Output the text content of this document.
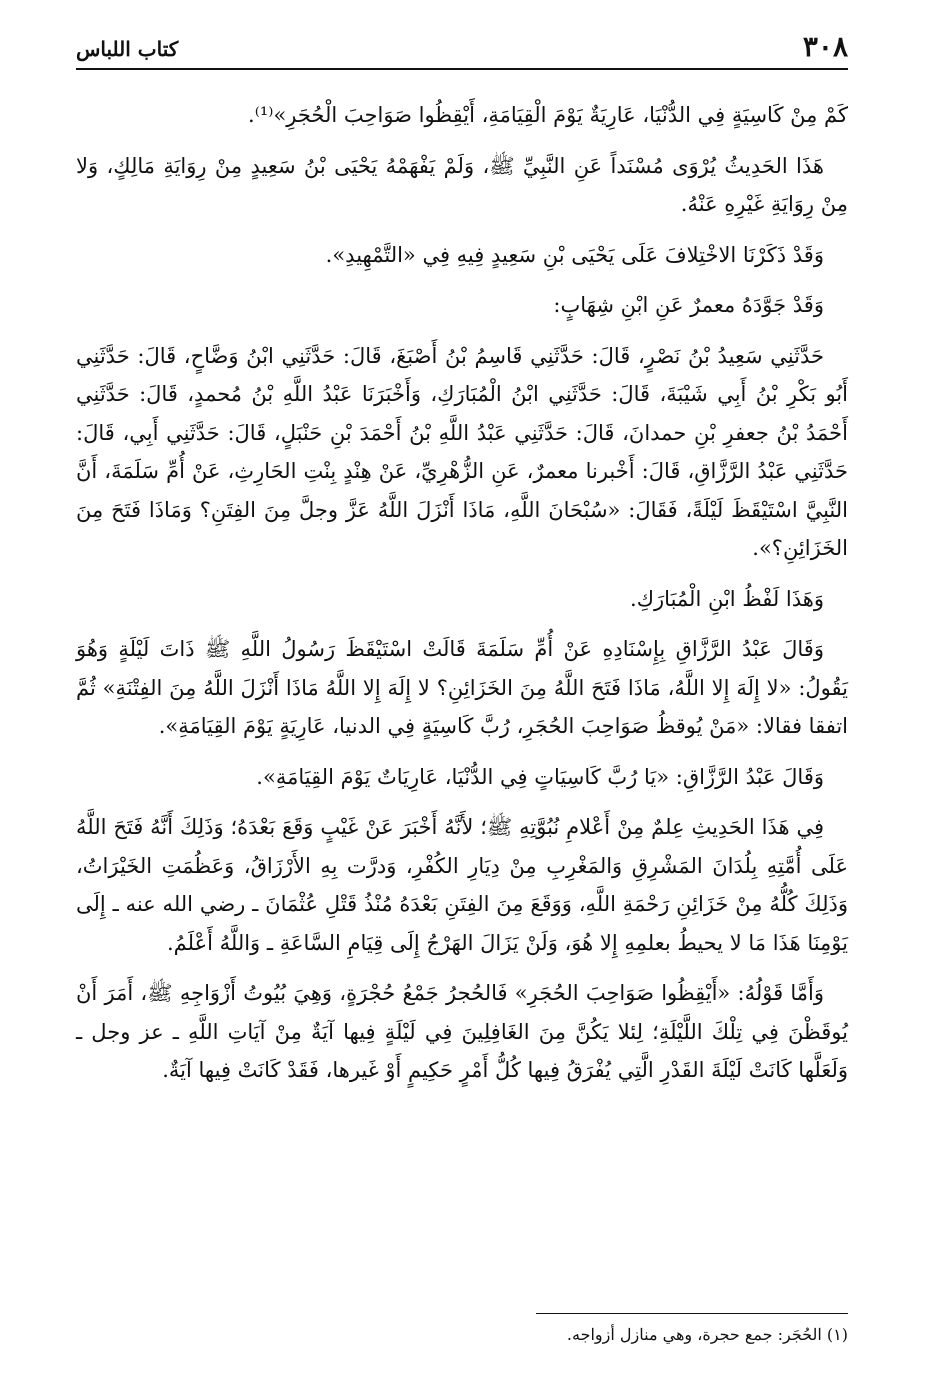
٣٠٨
كتاب اللباس

كَمْ مِنْ كَاسِيَةٍ فِي الدُّنْيَا، عَارِيَةٌ يَوْمَ الْقِيَامَةِ، أَيْقِظُوا صَوَاحِبَ الْحُجَرِ»⁽¹⁾.

هَذَا الحَدِيثُ يُرْوَى مُسْنَداً عَنِ النَّبِيِّ ﷺ، وَلَمْ يَفْهَمْهُ يَحْيَى بْنُ سَعِيدٍ مِنْ رِوَايَةِ مَالِكٍ، وَلا مِنْ رِوَايَةِ غَيْرِهِ عَنْهُ.

وَقَدْ ذَكَرْنَا الاخْتِلافَ عَلَى يَحْيَى بْنِ سَعِيدٍ فِيهِ فِي «التَّمْهِيدِ».

وَقَدْ جَوَّدَهُ معمرٌ عَنِ ابْنِ شِهَابٍ:

حَدَّثَنِي سَعِيدُ بْنُ نَصْرٍ، قَالَ: حَدَّثَنِي قَاسِمُ بْنُ أَصْبَغَ، قَالَ: حَدَّثَنِي ابْنُ وَضَّاحٍ، قَالَ: حَدَّثَنِي أَبُو بَكْرِ بْنُ أَبِي شَيْبَةَ، قَالَ: حَدَّثَنِي ابْنُ الْمُبَارَكِ، وَأَخْبَرَنَا عَبْدُ اللَّهِ بْنُ مُحمدٍ، قَالَ: حَدَّثَنِي أَحْمَدُ بْنُ جعفرِ بْنِ حمدانَ، قَالَ: حَدَّثَنِي عَبْدُ اللَّهِ بْنُ أَحْمَدَ بْنِ حَنْبَلٍ، قَالَ: حَدَّثَنِي أَبِي، قَالَ: حَدَّثَنِي عَبْدُ الرَّزَّاقِ، قَالَ: أَخْبرنا معمرٌ، عَنِ الزُّهْرِيِّ، عَنْ هِنْدٍ بِنْتِ الحَارِثِ، عَنْ أُمِّ سَلَمَةَ، أَنَّ النَّبِيَّ اسْتَيْقَظَ لَيْلَةً، فَقَالَ: «سُبْحَانَ اللَّهِ، مَاذَا أَنْزَلَ اللَّهُ عَزَّ وجلَّ مِنَ الفِتَنِ؟ وَمَاذَا فَتَحَ مِنَ الخَزَائِنِ؟».

وَهَذَا لَفْظُ ابْنِ الْمُبَارَكِ.

وَقَالَ عَبْدُ الرَّزَّاقِ بِإِسْنَادِهِ عَنْ أُمِّ سَلَمَةَ قَالَتْ اسْتَيْقَظَ رَسُولُ اللَّهِ ﷺ ذَاتَ لَيْلَةٍ وَهُوَ يَقُولُ: «لا إِلَهَ إِلا اللَّهُ، مَاذَا فَتَحَ اللَّهُ مِنَ الخَزَائِنِ؟ لا إِلَهَ إِلا اللَّهُ مَاذَا أَنْزَلَ اللَّهُ مِنَ الفِتْنَةِ» ثُمَّ اتفقا فقالا: «مَنْ يُوقظُ صَوَاحِبَ الحُجَرِ، رُبَّ كَاسِيَةٍ فِي الدنيا، عَارِيَةٍ يَوْمَ القِيَامَةِ».

وَقَالَ عَبْدُ الرَّزَّاقِ: «يَا رُبَّ كَاسِيَاتٍ فِي الدُّنْيَا، عَارِيَاتٌ يَوْمَ القِيَامَةِ».

فِي هَذَا الحَدِيثِ عِلمٌ مِنْ أَعْلامِ نُبُوَّتِهِ ﷺ؛ لأَنَّهُ أَخْبَرَ عَنْ غَيْبٍ وَقَعَ بَعْدَهُ؛ وَذَلِكَ أَنَّهُ فَتَحَ اللَّهُ عَلَى أُمَّتِهِ بِلُدَانَ المَشْرِقِ وَالمَغْرِبِ مِنْ دِيَارِ الكُفْرِ، وَدرَّت بِهِ الأَرْزَاقُ، وَعَظُمَتِ الخَيْرَاتُ، وَذَلِكَ كُلُّهُ مِنْ خَزَائِنِ رَحْمَةِ اللَّهِ، وَوَقَعَ مِنَ الفِتَنِ بَعْدَهُ مُنْذُ قَتْلِ عُثْمَانَ ـ رضي الله عنه ـ إِلَى يَوْمِنَا هَذَا مَا لا يحيطُ بعلمِهِ إِلا هُوَ، وَلَنْ يَزَالَ الهَرْجُ إِلَى قِيَامِ السَّاعَةِ ـ وَاللَّهُ أَعْلَمُ.

وَأَمَّا قَوْلُهُ: «أَيْقِظُوا صَوَاحِبَ الحُجَرِ» فَالحُجرُ جَمْعُ حُجْرَةٍ، وَهِيَ بُيُوتُ أَزْوَاجِهِ ﷺ، أَمَرَ أَنْ يُوقَظْنَ فِي تِلْكَ اللَّيْلَةِ؛ لِئلا يَكُنَّ مِنَ الغَافِلِينَ فِي لَيْلَةٍ فِيها آيَةٌ مِنْ آيَاتِ اللَّهِ ـ عز وجل ـ وَلَعَلَّها كَانَتْ لَيْلَةَ القَدْرِ الَّتِي يُفْرَقُ فِيها كُلُّ أَمْرٍ حَكِيمٍ أَوْ غَيرها، فَقَدْ كَانَتْ فِيها آيَةٌ.

(١) الحُجَر: جمع حجرة، وهي منازل أزواجه.
